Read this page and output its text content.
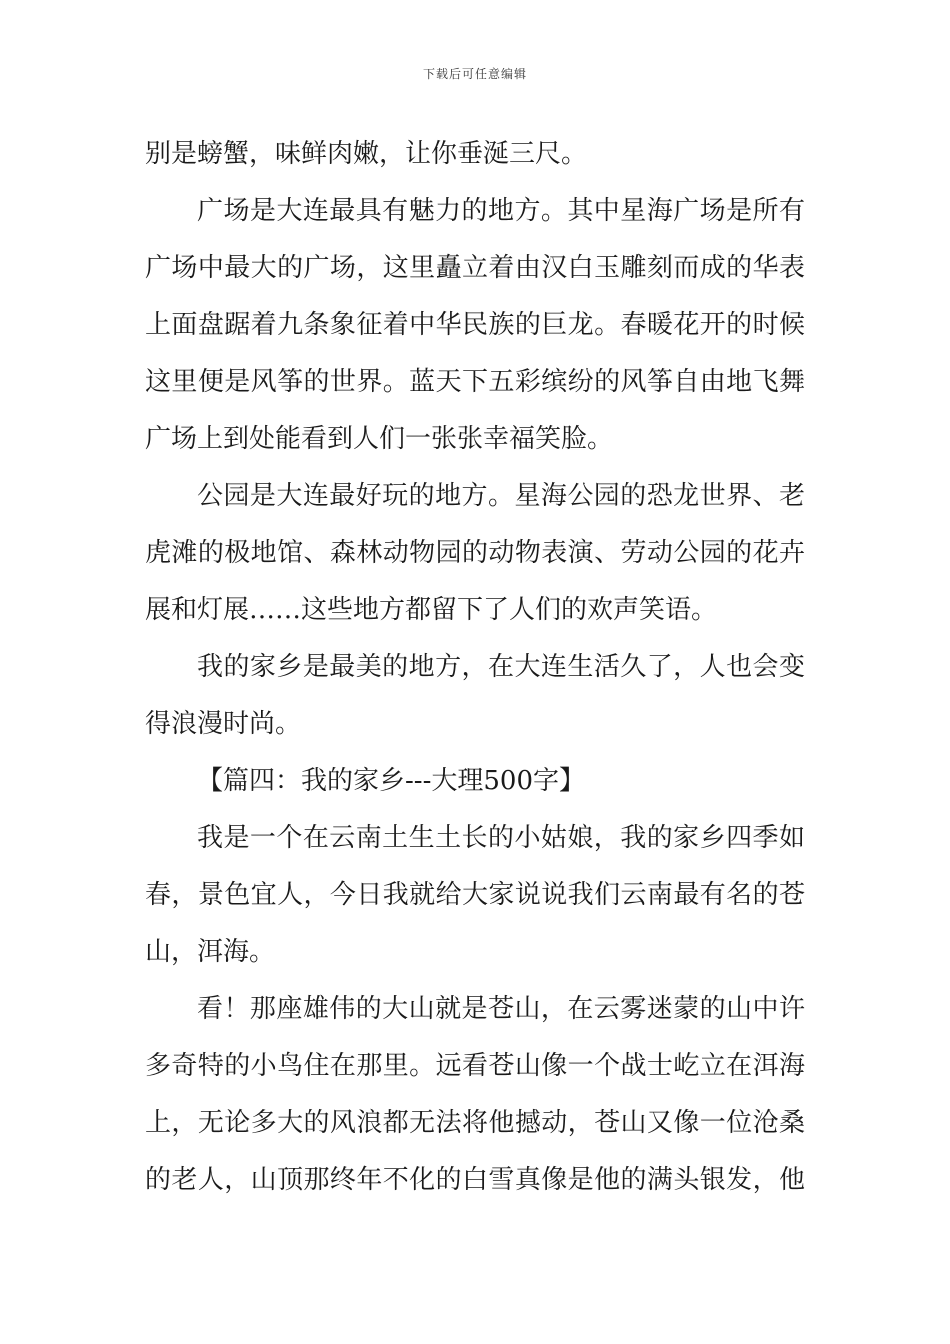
下载后可任意编辑
别是螃蟹，味鲜肉嫩，让你垂涎三尺。
广场是大连最具有魅力的地方。其中星海广场是所有
广场中最大的广场，这里矗立着由汉白玉雕刻而成的华表
上面盘踞着九条象征着中华民族的巨龙。春暖花开的时候
这里便是风筝的世界。蓝天下五彩缤纷的风筝自由地飞舞
广场上到处能看到人们一张张幸福笑脸。
公园是大连最好玩的地方。星海公园的恐龙世界、老
虎滩的极地馆、森林动物园的动物表演、劳动公园的花卉
展和灯展……这些地方都留下了人们的欢声笑语。
我的家乡是最美的地方，在大连生活久了，人也会变
得浪漫时尚。
【篇四：我的家乡---大理500字】
我是一个在云南土生土长的小姑娘，我的家乡四季如
春，景色宜人，今日我就给大家说说我们云南最有名的苍
山，洱海。
看！那座雄伟的大山就是苍山，在云雾迷蒙的山中许
多奇特的小鸟住在那里。远看苍山像一个战士屹立在洱海
上，无论多大的风浪都无法将他撼动，苍山又像一位沧桑
的老人，山顶那终年不化的白雪真像是他的满头银发，他
